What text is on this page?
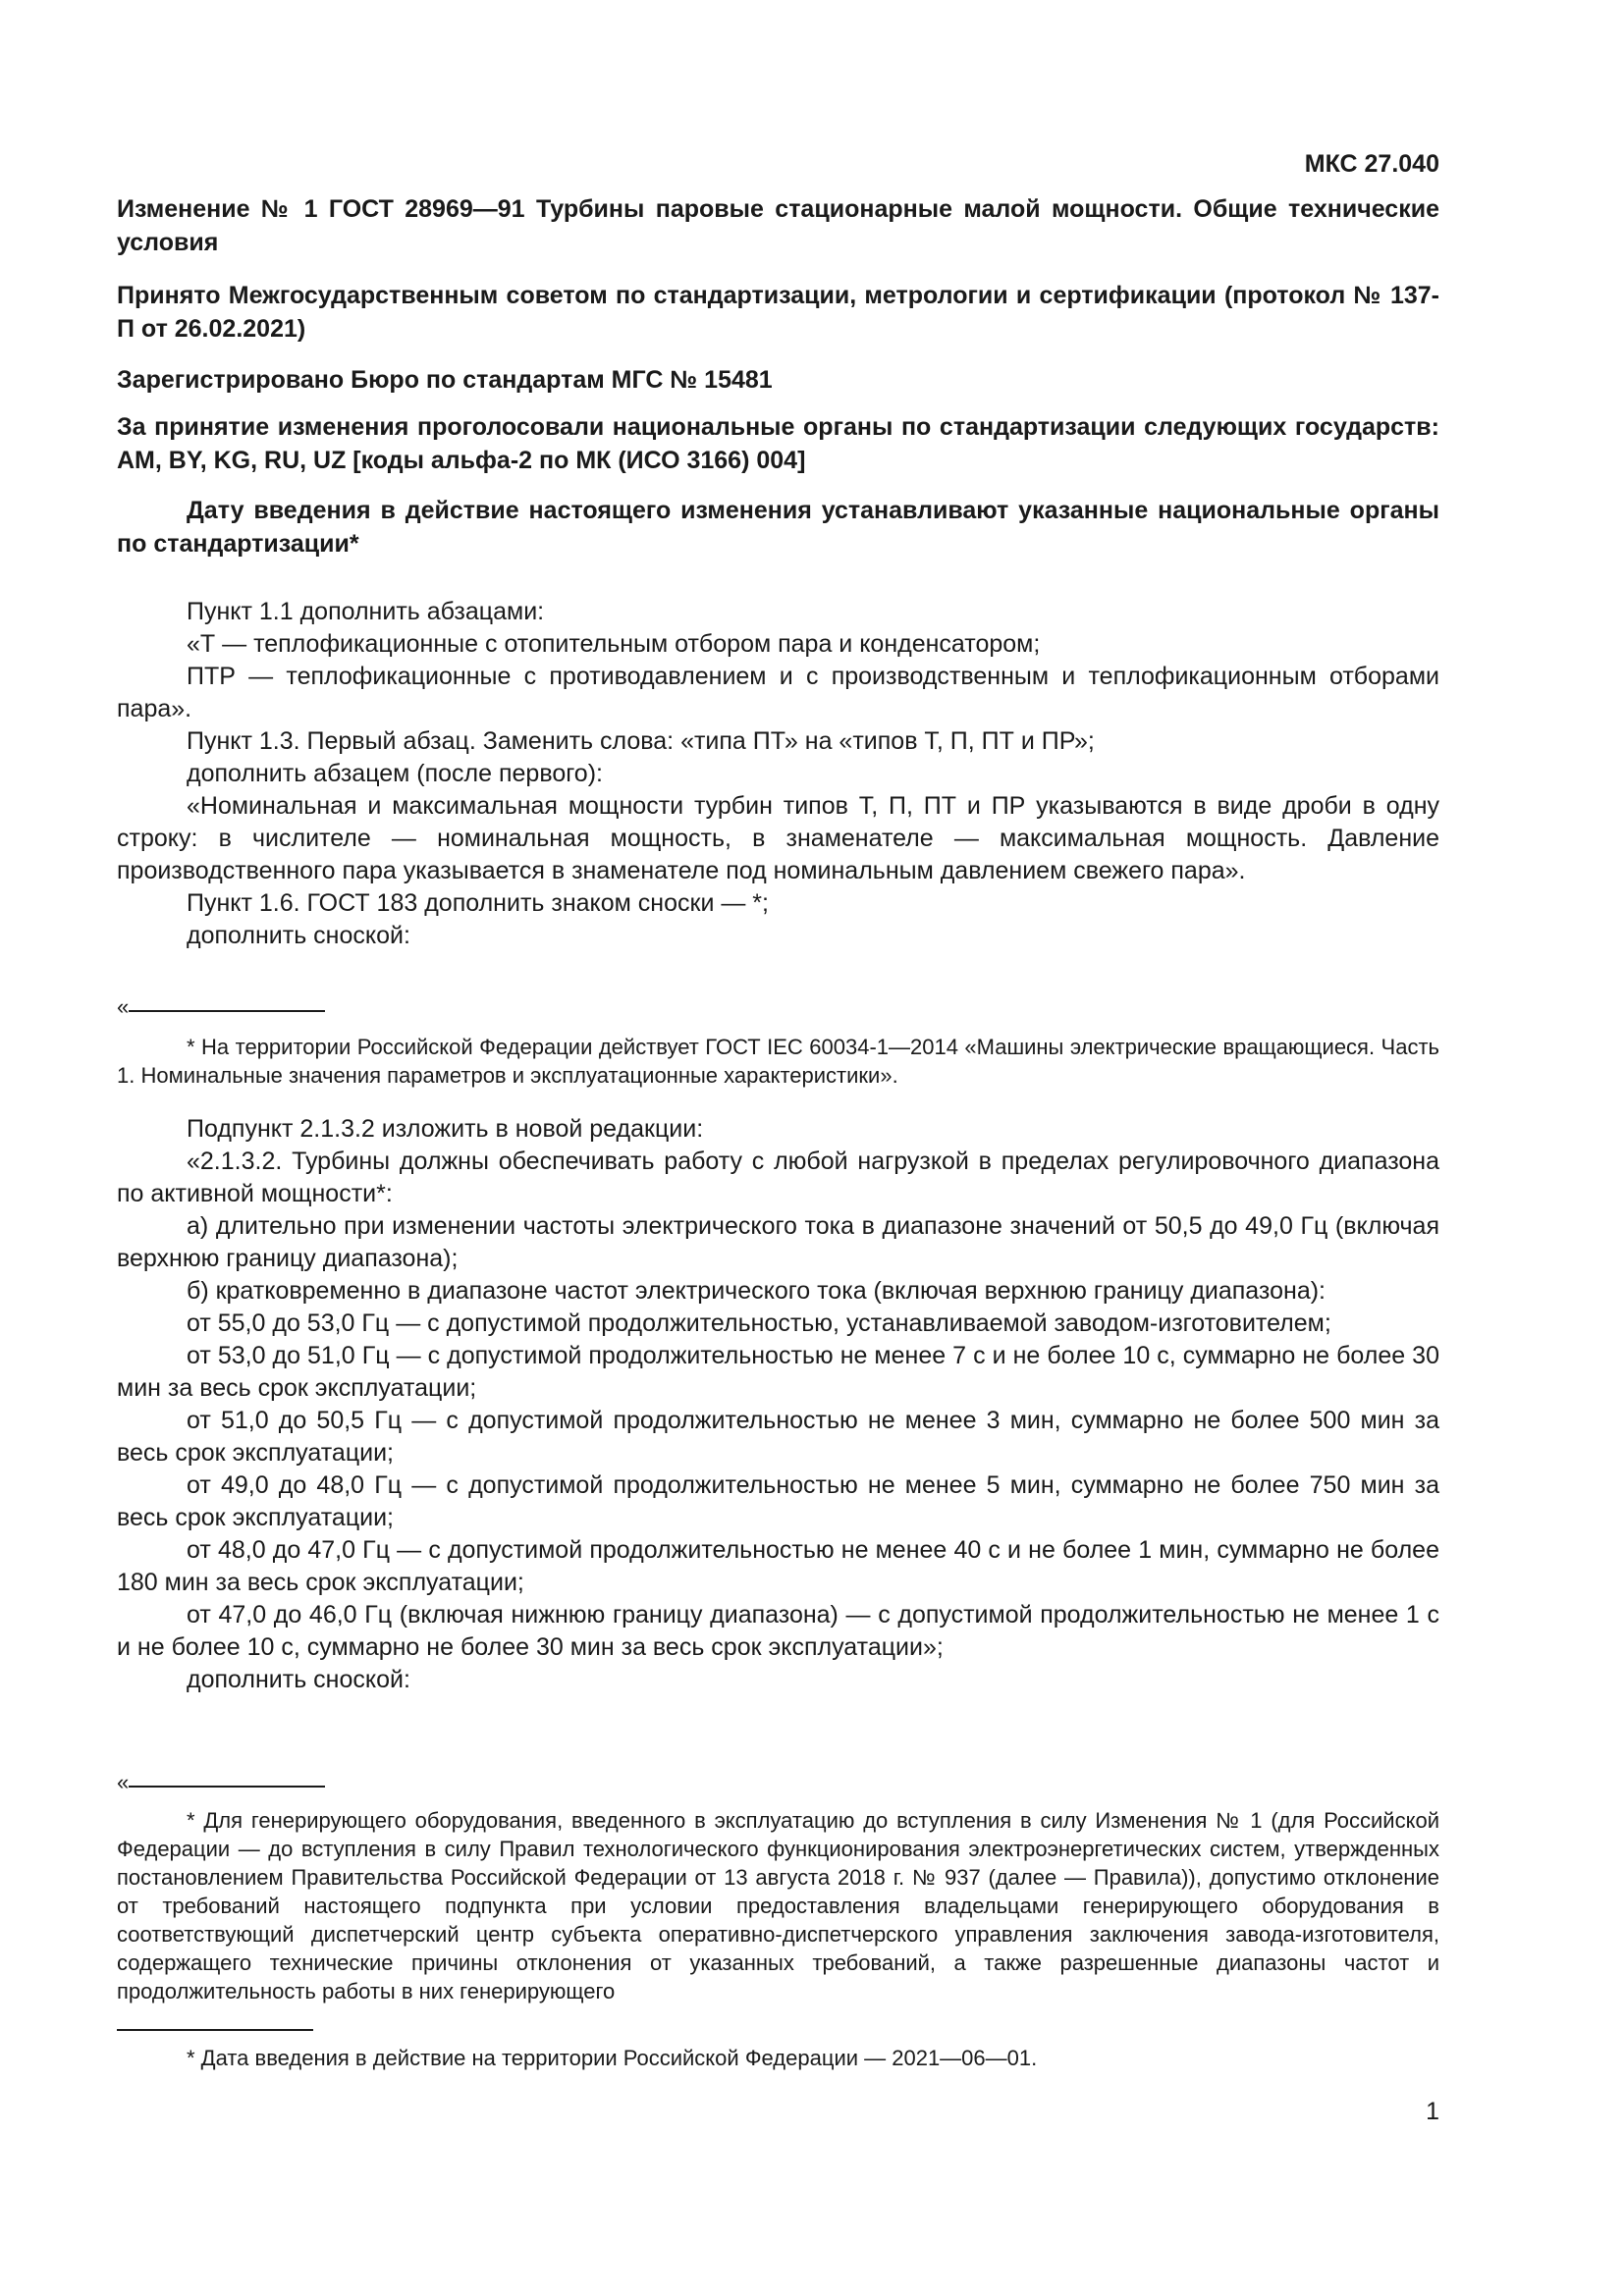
МКС 27.040

Изменение № 1 ГОСТ 28969—91 Турбины паровые стационарные малой мощности. Общие технические условия

Принято Межгосударственным советом по стандартизации, метрологии и сертификации (протокол № 137-П от 26.02.2021)

Зарегистрировано Бюро по стандартам МГС № 15481

За принятие изменения проголосовали национальные органы по стандартизации следующих государств: AM, BY, KG, RU, UZ [коды альфа-2 по МК (ИСО 3166) 004]

Дату введения в действие настоящего изменения устанавливают указанные национальные органы по стандартизации*

Пункт 1.1 дополнить абзацами:

«Т — теплофикационные с отопительным отбором пара и конденсатором;

ПТР — теплофикационные с противодавлением и с производственным и теплофикационным отборами пара».

Пункт 1.3. Первый абзац. Заменить слова: «типа ПТ» на «типов Т, П, ПТ и ПР»;

дополнить абзацем (после первого):

«Номинальная и максимальная мощности турбин типов Т, П, ПТ и ПР указываются в виде дроби в одну строку: в числителе — номинальная мощность, в знаменателе — максимальная мощность. Давление производственного пара указывается в знаменателе под номинальным давлением свежего пара».

Пункт 1.6. ГОСТ 183 дополнить знаком сноски — *;

дополнить сноской:

«

* На территории Российской Федерации действует ГОСТ IEC 60034-1—2014 «Машины электрические вращающиеся. Часть 1. Номинальные значения параметров и эксплуатационные характеристики».

Подпункт 2.1.3.2 изложить в новой редакции:

«2.1.3.2. Турбины должны обеспечивать работу с любой нагрузкой в пределах регулировочного диапазона по активной мощности*:

а) длительно при изменении частоты электрического тока в диапазоне значений от 50,5 до 49,0 Гц (включая верхнюю границу диапазона);

б) кратковременно в диапазоне частот электрического тока (включая верхнюю границу диапазона):

от 55,0 до 53,0 Гц — с допустимой продолжительностью, устанавливаемой заводом-изготовителем;

от 53,0 до 51,0 Гц — с допустимой продолжительностью не менее 7 с и не более 10 с, суммарно не более 30 мин за весь срок эксплуатации;

от 51,0 до 50,5 Гц — с допустимой продолжительностью не менее 3 мин, суммарно не более 500 мин за весь срок эксплуатации;

от 49,0 до 48,0 Гц — с допустимой продолжительностью не менее 5 мин, суммарно не более 750 мин за весь срок эксплуатации;

от 48,0 до 47,0 Гц — с допустимой продолжительностью не менее 40 с и не более 1 мин, суммарно не более 180 мин за весь срок эксплуатации;

от 47,0 до 46,0 Гц (включая нижнюю границу диапазона) — с допустимой продолжительностью не менее 1 с и не более 10 с, суммарно не более 30 мин за весь срок эксплуатации»;

дополнить сноской:

«

* Для генерирующего оборудования, введенного в эксплуатацию до вступления в силу Изменения № 1 (для Российской Федерации — до вступления в силу Правил технологического функционирования электроэнергетических систем, утвержденных постановлением Правительства Российской Федерации от 13 августа 2018 г. № 937 (далее — Правила)), допустимо отклонение от требований настоящего подпункта при условии предоставления владельцами генерирующего оборудования в соответствующий диспетчерский центр субъекта оперативно-диспетчерского управления заключения завода-изготовителя, содержащего технические причины отклонения от указанных требований, а также разрешенные диапазоны частот и продолжительность работы в них генерирующего

* Дата введения в действие на территории Российской Федерации — 2021—06—01.

1
